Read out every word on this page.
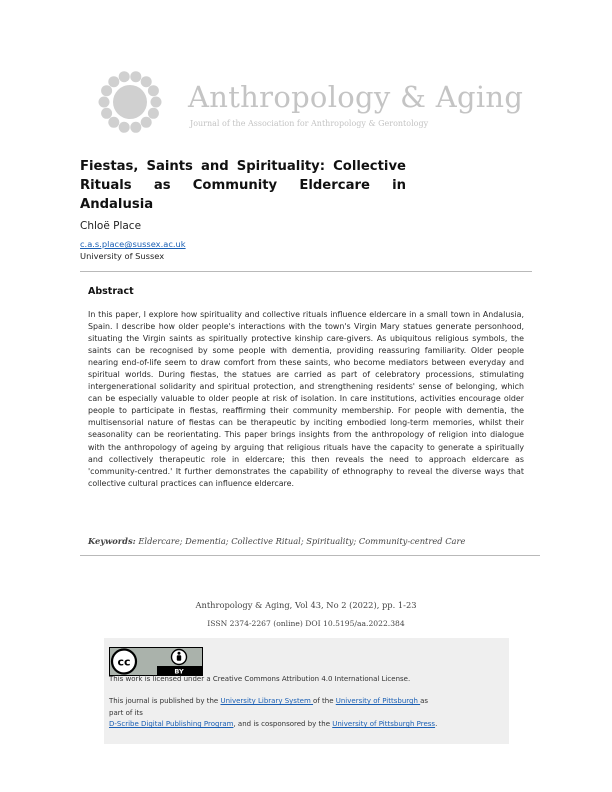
Anthropology & Aging
Journal of the Association for Anthropology & Gerontology
Fiestas, Saints and Spirituality: Collective
Rituals as Community Eldercare in Andalusia
Chloë Place
c.a.s.place@sussex.ac.uk
University of Sussex
Abstract
In this paper, I explore how spirituality and collective rituals influence eldercare in a small town in Andalusia, Spain. I describe how older people's interactions with the town's Virgin Mary statues generate personhood, situating the Virgin saints as spiritually protective kinship care-givers. As ubiquitous religious symbols, the saints can be recognised by some people with dementia, providing reassuring familiarity. Older people nearing end-of-life seem to draw comfort from these saints, who become mediators between everyday and spiritual worlds. During fiestas, the statues are carried as part of celebratory processions, stimulating intergenerational solidarity and spiritual protection, and strengthening residents' sense of belonging, which can be especially valuable to older people at risk of isolation. In care institutions, activities encourage older people to participate in fiestas, reaffirming their community membership. For people with dementia, the multisensorial nature of fiestas can be therapeutic by inciting embodied long-term memories, whilst their seasonality can be reorientating. This paper brings insights from the anthropology of religion into dialogue with the anthropology of ageing by arguing that religious rituals have the capacity to generate a spiritually and collectively therapeutic role in eldercare; this then reveals the need to approach eldercare as 'community-centred.' It further demonstrates the capability of ethnography to reveal the diverse ways that collective cultural practices can influence eldercare.
Keywords: Eldercare; Dementia; Collective Ritual; Spirituality; Community-centred Care
Anthropology & Aging, Vol 43, No 2 (2022), pp. 1-23
ISSN 2374-2267 (online) DOI 10.5195/aa.2022.384
cc
BY
This work is licensed under a Creative Commons Attribution 4.0 International License.
This journal is published by the University Library System of the University of Pittsburgh as
part of its
D-Scribe Digital Publishing Program, and is cosponsored by the University of Pittsburgh Press.
